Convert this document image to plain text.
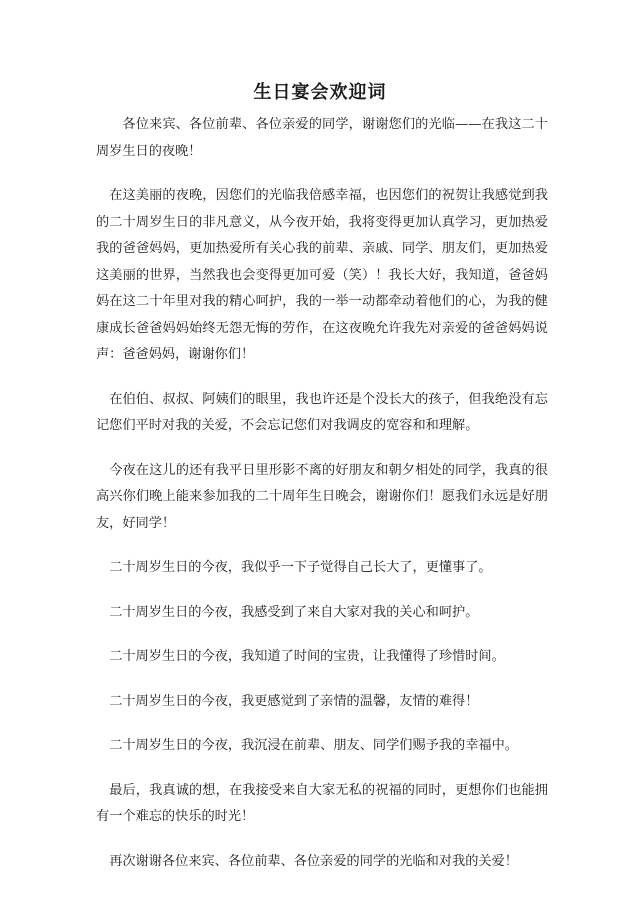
生日宴会欢迎词

各位来宾、各位前辈、各位亲爱的同学，谢谢您们的光临——在我这二十周岁生日的夜晚！

在这美丽的夜晚，因您们的光临我倍感幸福，也因您们的祝贺让我感觉到我的二十周岁生日的非凡意义，从今夜开始，我将变得更加认真学习，更加热爱我的爸爸妈妈，更加热爱所有关心我的前辈、亲戚、同学、朋友们，更加热爱这美丽的世界，当然我也会变得更加可爱（笑）！我长大好，我知道，爸爸妈妈在这二十年里对我的精心呵护，我的一举一动都牵动着他们的心，为我的健康成长爸爸妈妈始终无怨无悔的劳作，在这夜晚允许我先对亲爱的爸爸妈妈说声：爸爸妈妈，谢谢你们！

在伯伯、叔叔、阿姨们的眼里，我也许还是个没长大的孩子，但我绝没有忘记您们平时对我的关爱，不会忘记您们对我调皮的宽容和和理解。

今夜在这儿的还有我平日里形影不离的好朋友和朝夕相处的同学，我真的很高兴你们晚上能来参加我的二十周年生日晚会，谢谢你们！愿我们永远是好朋友，好同学！

二十周岁生日的今夜，我似乎一下子觉得自己长大了，更懂事了。

二十周岁生日的今夜，我感受到了来自大家对我的关心和呵护。

二十周岁生日的今夜，我知道了时间的宝贵，让我懂得了珍惜时间。

二十周岁生日的今夜，我更感觉到了亲情的温馨，友情的难得！

二十周岁生日的今夜，我沉浸在前辈、朋友、同学们赐予我的幸福中。

最后，我真诚的想，在我接受来自大家无私的祝福的同时，更想你们也能拥有一个难忘的快乐的时光！

再次谢谢各位来宾、各位前辈、各位亲爱的同学的光临和对我的关爱！
